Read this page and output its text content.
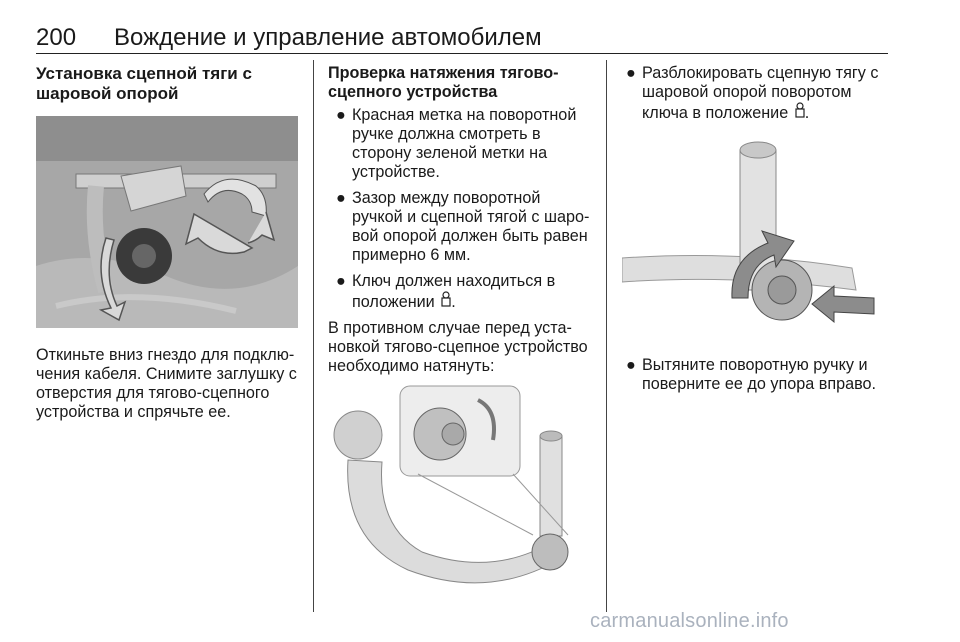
200 Вождение и управление автомобилем

Установка сцепной тяги с
шаровой опорой

Откиньте вниз гнездо для подклю-
чения кабеля. Снимите заглушку с
отверстия для тягово-сцепного
устройства и спрячьте ее.

Проверка натяжения тягово-
сцепного устройства

● Красная метка на поворотной
ручке должна смотреть в
сторону зеленой метки на
устройстве.
● Зазор между поворотной
ручкой и сцепной тягой с шаро-
вой опорой должен быть равен
примерно 6 мм.
● Ключ должен находиться в
положении .

В противном случае перед уста-
новкой тягово-сцепное устройство
необходимо натянуть:

● Разблокировать сцепную тягу с
шаровой опорой поворотом
ключа в положение .
● Вытяните поворотную ручку и
поверните ее до упора вправо.
carmanualsonline.info
